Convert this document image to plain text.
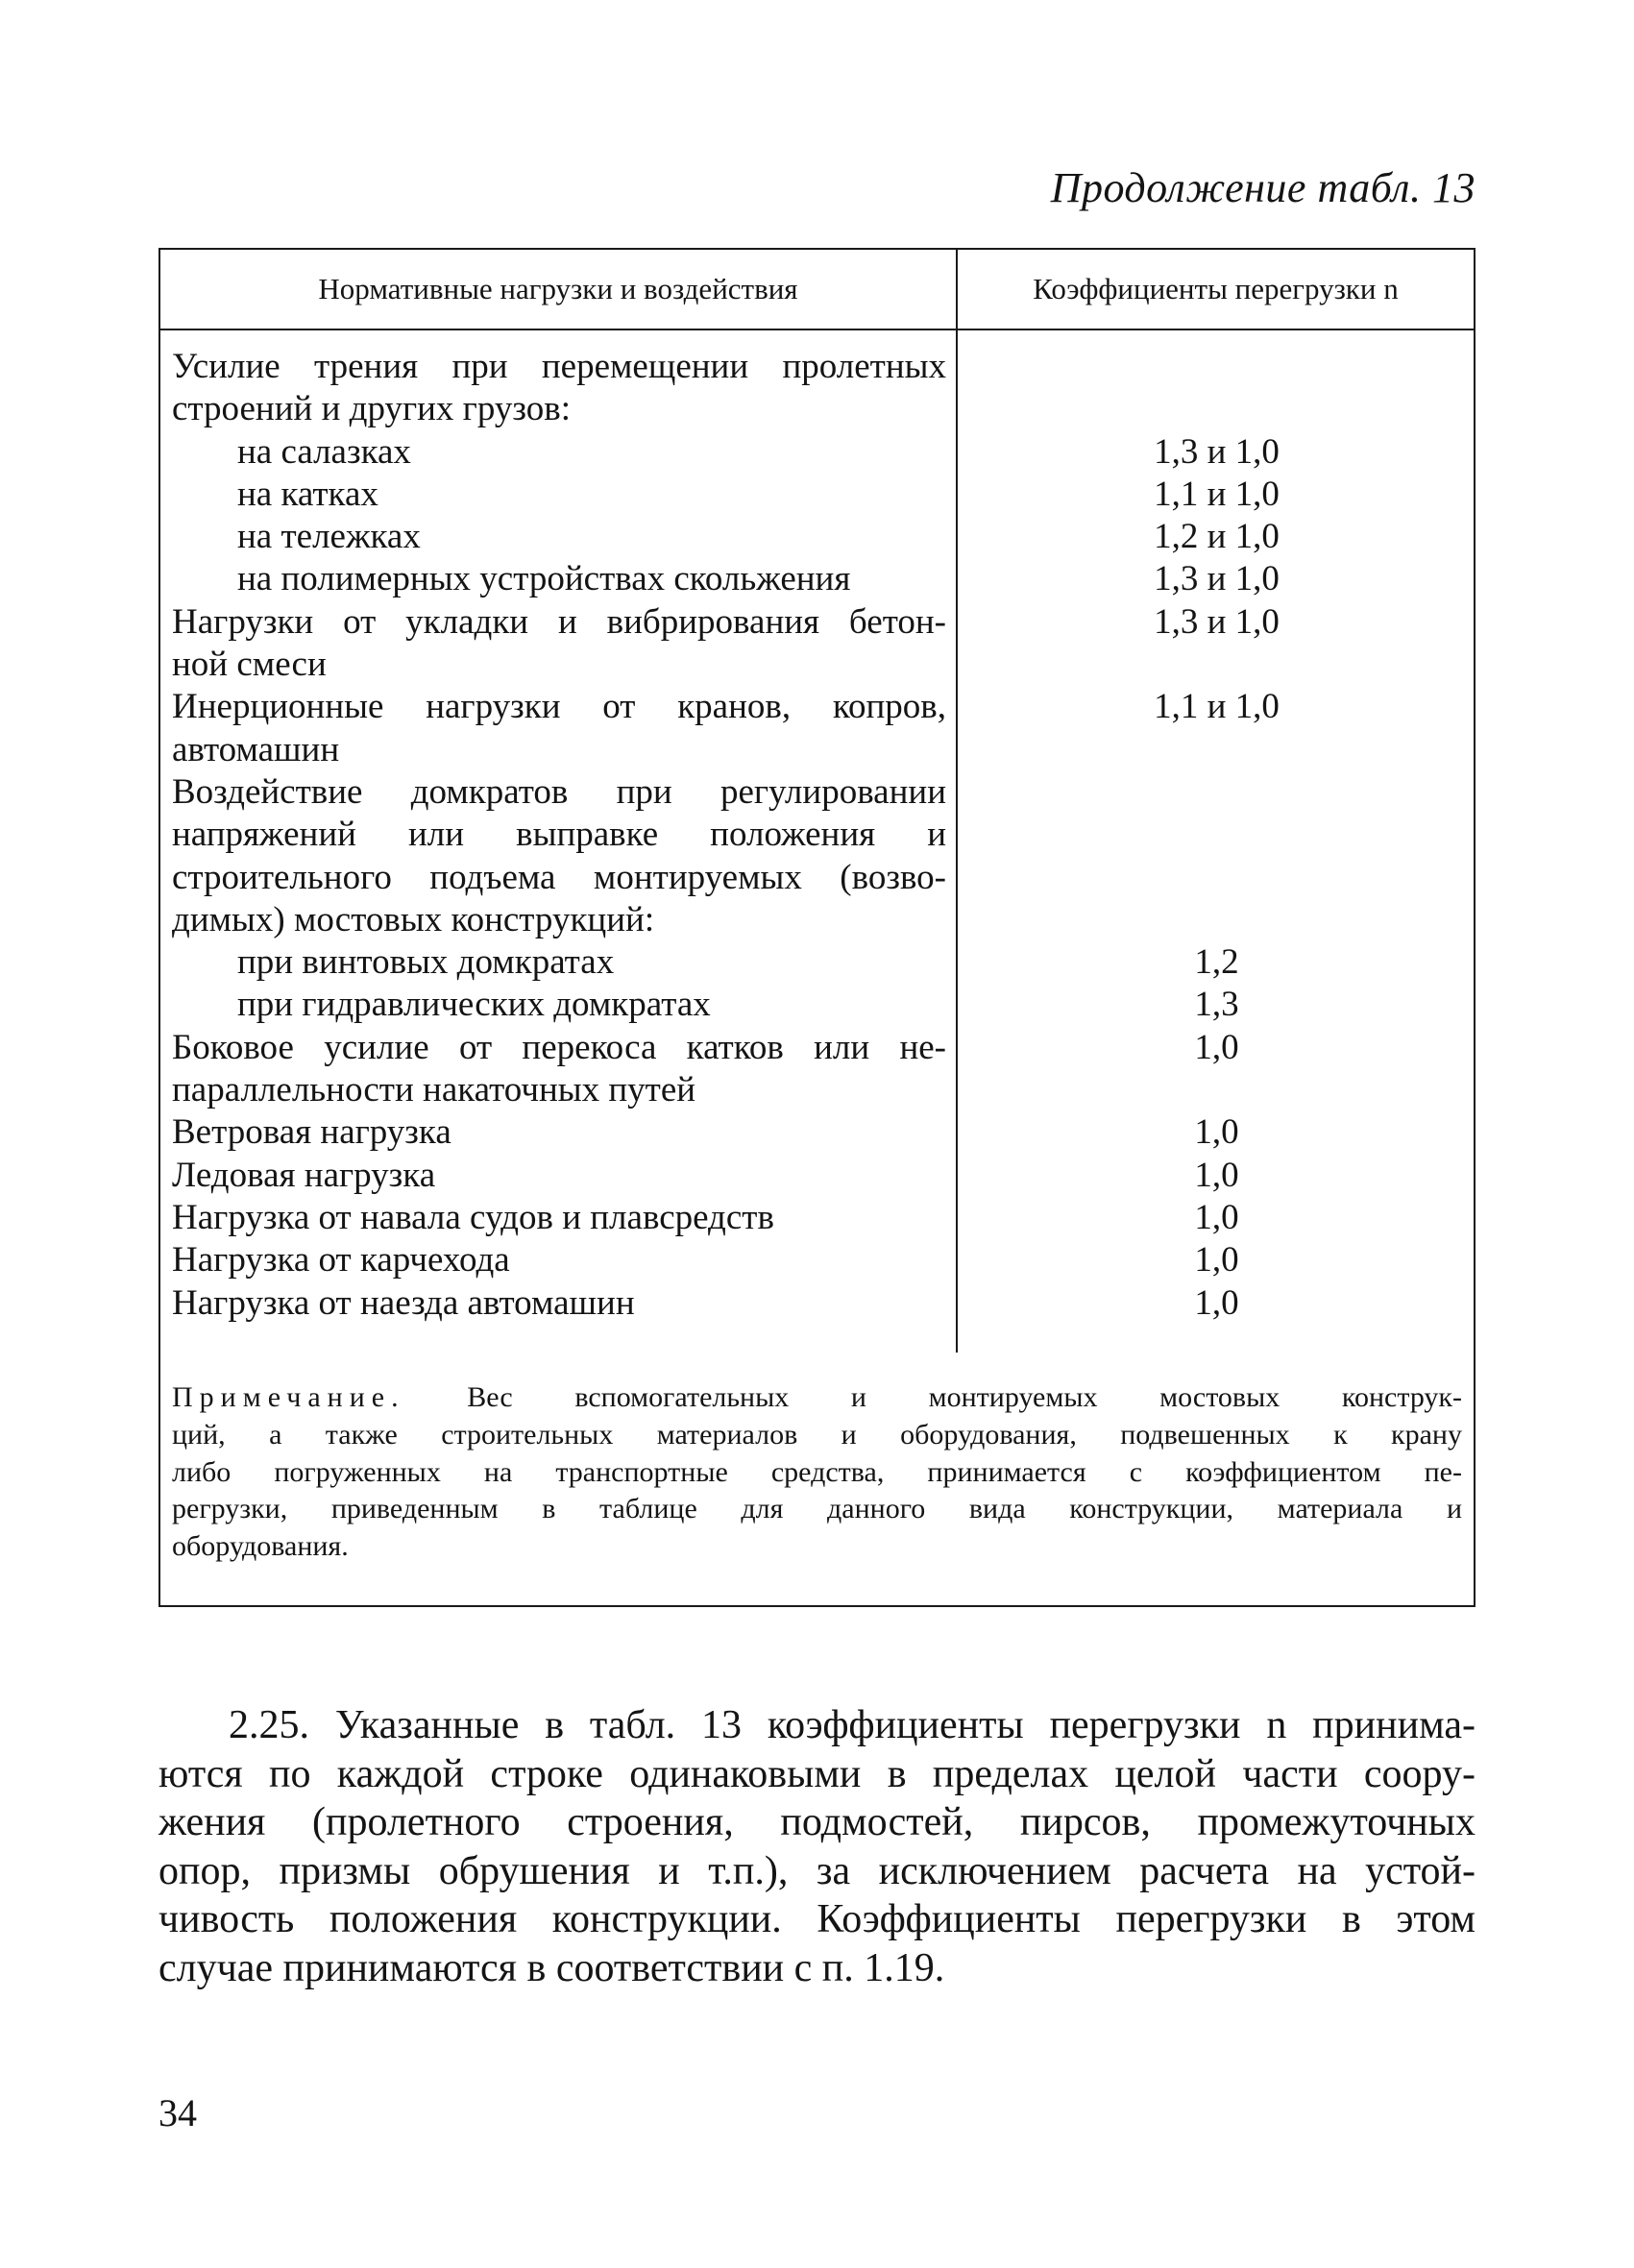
Продолжение табл. 13
Нормативные нагрузки и воздействия	Коэффициенты перегрузки n
Усилие трения при перемещении пролетных
строений и других грузов:
на салазках	1,3 и 1,0
на катках	1,1 и 1,0
на тележках	1,2 и 1,0
на полимерных устройствах скольжения	1,3 и 1,0
Нагрузки от укладки и вибрирования бетон-	1,3 и 1,0
ной смеси
Инерционные нагрузки от кранов, копров,	1,1 и 1,0
автомашин
Воздействие домкратов при регулировании
напряжений или выправке положения и
строительного подъема монтируемых (возво-
димых) мостовых конструкций:
при винтовых домкратах	1,2
при гидравлических домкратах	1,3
Боковое усилие от перекоса катков или не-	1,0
параллельности накаточных путей
Ветровая нагрузка	1,0
Ледовая нагрузка	1,0
Нагрузка от навала судов и плавсредств	1,0
Нагрузка от карчехода	1,0
Нагрузка от наезда автомашин	1,0
Примечание. Вес вспомогательных и монтируемых мостовых конструк-
ций, а также строительных материалов и оборудования, подвешенных к крану
либо погруженных на транспортные средства, принимается с коэффициентом пе-
регрузки, приведенным в таблице для данного вида конструкции, материала и
оборудования.
2.25. Указанные в табл. 13 коэффициенты перегрузки n принима-
ются по каждой строке одинаковыми в пределах целой части соору-
жения (пролетного строения, подмостей, пирсов, промежуточных
опор, призмы обрушения и т.п.), за исключением расчета на устой-
чивость положения конструкции. Коэффициенты перегрузки в этом
случае принимаются в соответствии с п. 1.19.
34
